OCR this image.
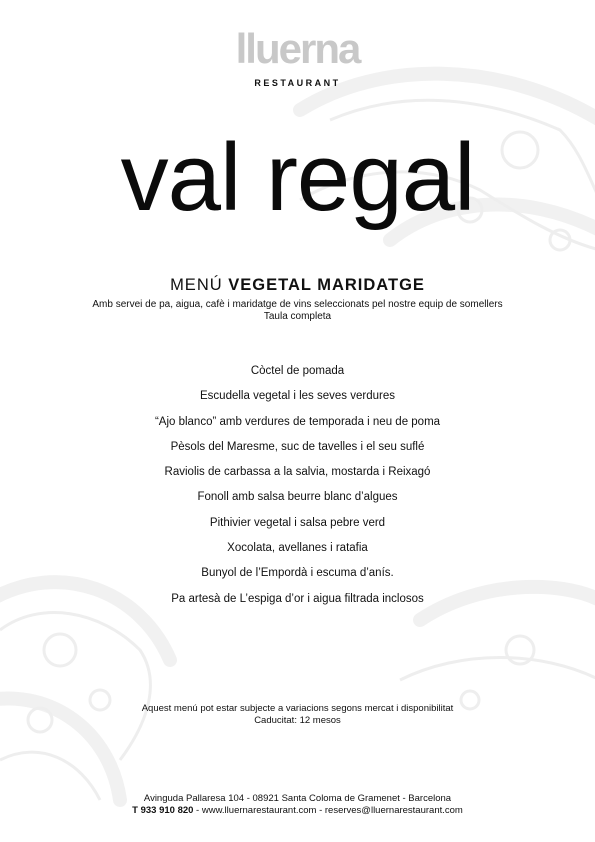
lluerna
RESTAURANT
val regal
MENÚ VEGETAL MARIDATGE
Amb servei de pa, aigua, cafè i maridatge de vins seleccionats pel nostre equip de somellers
Taula completa
Còctel de pomada
Escudella vegetal i les seves verdures
“Ajo blanco” amb verdures de temporada i neu de poma
Pèsols del Maresme, suc de tavelles i el seu suflé
Raviolis de carbassa a la salvia, mostarda i Reixagó
Fonoll amb salsa beurre blanc d’algues
Pithivier vegetal i salsa pebre verd
Xocolata, avellanes i ratafia
Bunyol de l’Empordà i escuma d’anís.
Pa artesà de L’espiga d’or i aigua filtrada inclosos
Aquest menú pot estar subjecte a variacions segons mercat i disponibilitat
Caducitat: 12 mesos
Avinguda Pallaresa 104 - 08921 Santa Coloma de Gramenet - Barcelona
T 933 910 820 - www.lluernarestaurant.com - reserves@lluernarestaurant.com
